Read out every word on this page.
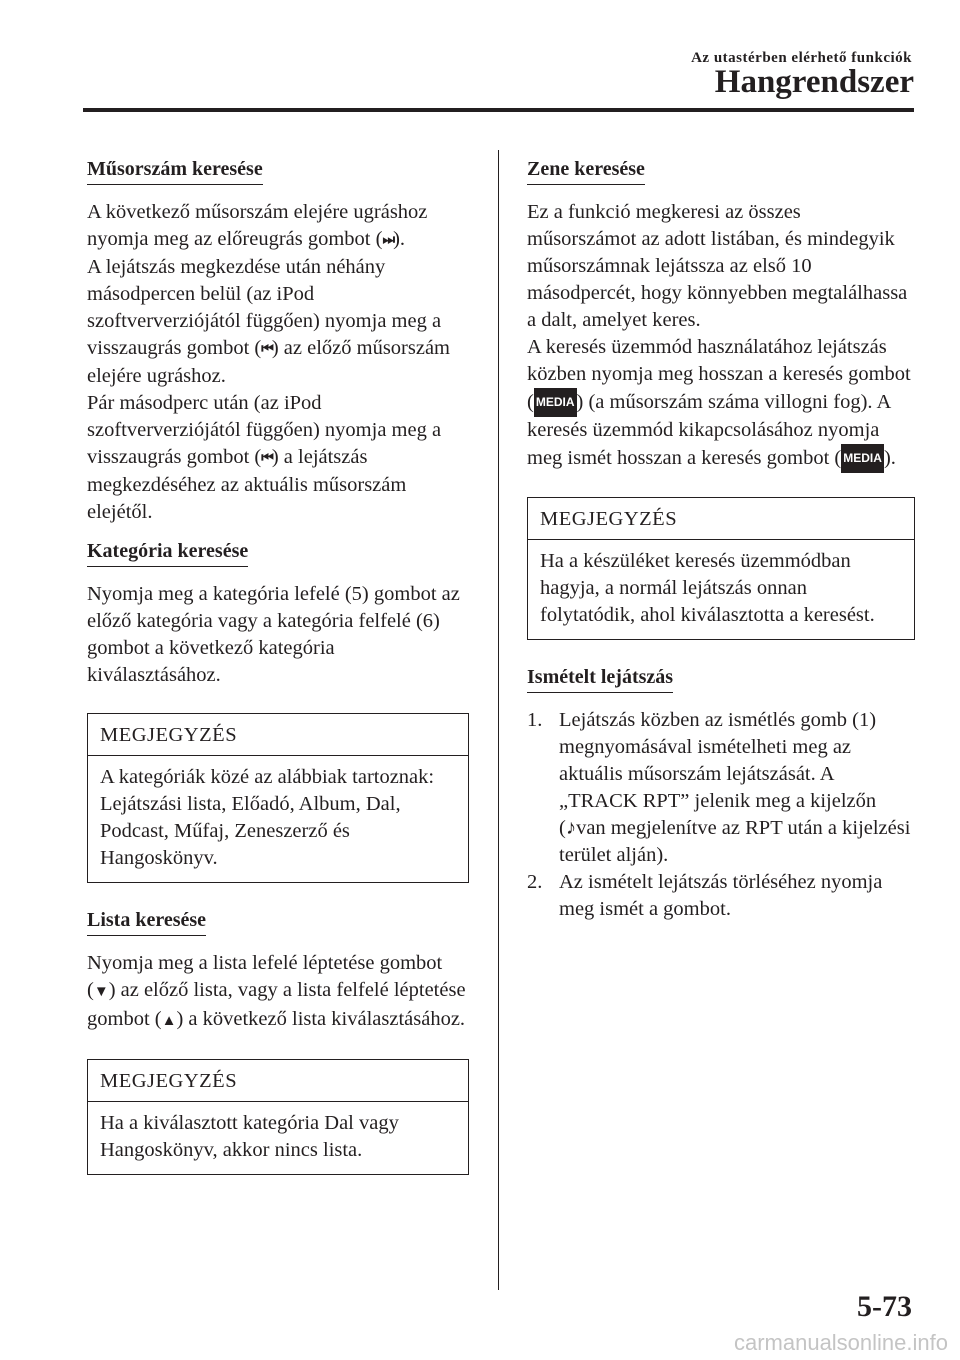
Az utastérben elérhető funkciók
Hangrendszer
Műsorszám keresése

A következő műsorszám elejére ugráshoz nyomja meg az előreugrás gombot (⏭).
A lejátszás megkezdése után néhány másodpercen belül (az iPod szoftververziójától függően) nyomja meg a visszaugrás gombot (⏮) az előző műsorszám elejére ugráshoz.
Pár másodperc után (az iPod szoftververziójától függően) nyomja meg a visszaugrás gombot (⏮) a lejátszás megkezdéséhez az aktuális műsorszám elejétől.

Kategória keresése

Nyomja meg a kategória lefelé (5) gombot az előző kategória vagy a kategória felfelé (6) gombot a következő kategória kiválasztásához.

MEGJEGYZÉS
A kategóriák közé az alábbiak tartoznak: Lejátszási lista, Előadó, Album, Dal, Podcast, Műfaj, Zeneszerző és Hangoskönyv.
Lista keresése

Nyomja meg a lista lefelé léptetése gombot (▼) az előző lista, vagy a lista felfelé léptetése gombot (▲) a következő lista kiválasztásához.

MEGJEGYZÉS
Ha a kiválasztott kategória Dal vagy Hangoskönyv, akkor nincs lista.
Zene keresése

Ez a funkció megkeresi az összes műsorszámot az adott listában, és mindegyik műsorszámnak lejátssza az első 10 másodpercét, hogy könnyebben megtalálhassa a dalt, amelyet keres.
A keresés üzemmód használatához lejátszás közben nyomja meg hosszan a keresés gombot ( MEDIA) (a műsorszám száma villogni fog). A keresés üzemmód kikapcsolásához nyomja meg ismét hosszan a keresés gombot ( MEDIA).

MEGJEGYZÉS
Ha a készüléket keresés üzemmódban hagyja, a normál lejátszás onnan folytatódik, ahol kiválasztotta a keresést.
Ismételt lejátszás
1. Lejátszás közben az ismétlés gomb (1) megnyomásával ismételheti meg az aktuális műsorszám lejátszását. A „TRACK RPT” jelenik meg a kijelzőn (♪van megjelenítve az RPT után a kijelzési terület alján).
2. Az ismételt lejátszás törléséhez nyomja meg ismét a gombot.
5-73
carmanualsonline.info
